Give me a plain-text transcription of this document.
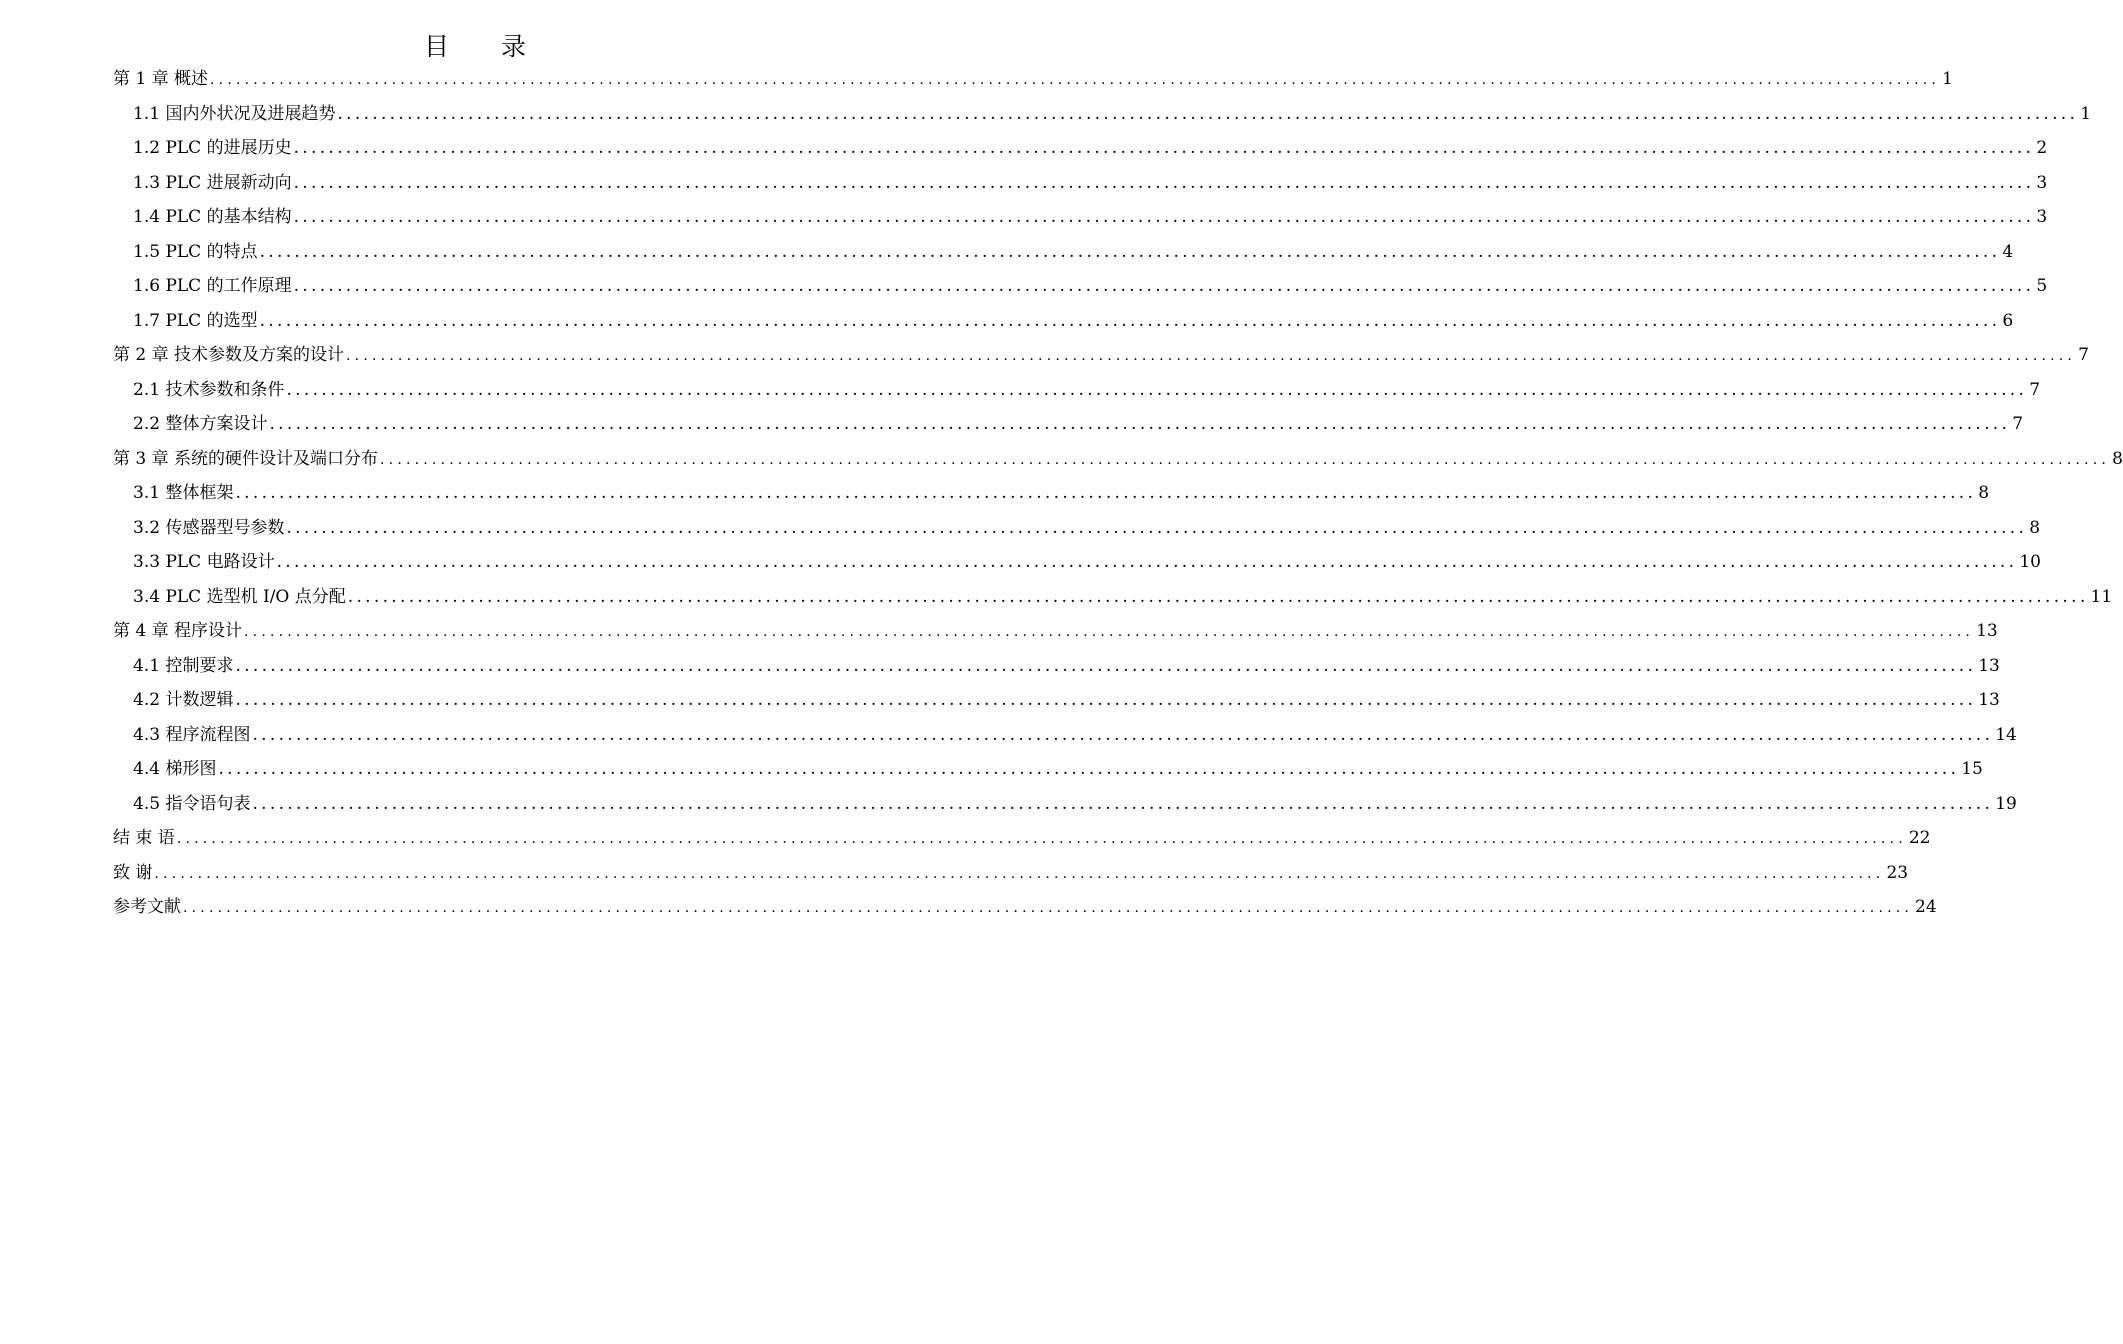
目 录
第 1 章 概述 ........................................................................................................................................................................................................ 1
1.1 国内外状况及进展趋势 ........................................................................................................................................................................................................ 1
1.2 PLC 的进展历史 ........................................................................................................................................................................................................ 2
1.3 PLC 进展新动向 ........................................................................................................................................................................................................ 3
1.4 PLC 的基本结构 ........................................................................................................................................................................................................ 3
1.5 PLC 的特点 ........................................................................................................................................................................................................ 4
1.6 PLC 的工作原理 ........................................................................................................................................................................................................ 5
1.7 PLC 的选型 ........................................................................................................................................................................................................ 6
第 2 章 技术参数及方案的设计 ........................................................................................................................................................................................................ 7
2.1 技术参数和条件 ........................................................................................................................................................................................................ 7
2.2 整体方案设计 ........................................................................................................................................................................................................ 7
第 3 章 系统的硬件设计及端口分布 ........................................................................................................................................................................................................ 8
3.1 整体框架 ........................................................................................................................................................................................................ 8
3.2 传感器型号参数 ........................................................................................................................................................................................................ 8
3.3 PLC 电路设计 ........................................................................................................................................................................................................ 10
3.4 PLC 选型机 I/O 点分配 ........................................................................................................................................................................................................ 11
第 4 章 程序设计 ........................................................................................................................................................................................................ 13
4.1 控制要求 ........................................................................................................................................................................................................ 13
4.2 计数逻辑 ........................................................................................................................................................................................................ 13
4.3 程序流程图 ........................................................................................................................................................................................................ 14
4.4 梯形图 ........................................................................................................................................................................................................ 15
4.5 指令语句表 ........................................................................................................................................................................................................ 19
结 束 语 ........................................................................................................................................................................................................ 22
致 谢 ........................................................................................................................................................................................................ 23
参考文献 ........................................................................................................................................................................................................ 24
